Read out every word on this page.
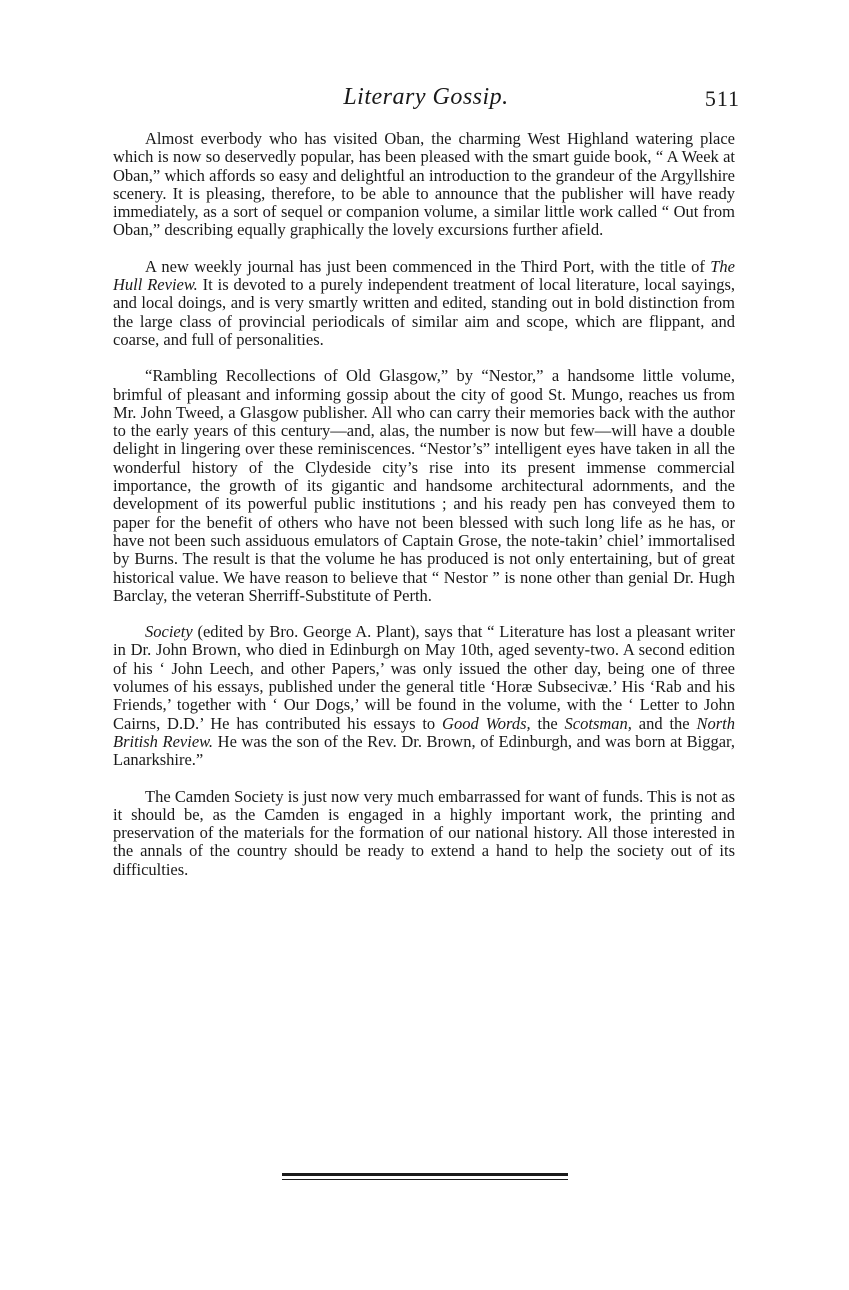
Literary Gossip.	511

Almost everbody who has visited Oban, the charming West Highland watering place which is now so deservedly popular, has been pleased with the smart guide book, “ A Week at Oban,” which affords so easy and delightful an introduction to the grandeur of the Argyllshire scenery. It is pleasing, therefore, to be able to announce that the publisher will have ready immediately, as a sort of sequel or companion volume, a similar little work called “ Out from Oban,” describing equally graphically the lovely excursions further afield.

A new weekly journal has just been commenced in the Third Port, with the title of The Hull Review. It is devoted to a purely independent treatment of local literature, local sayings, and local doings, and is very smartly written and edited, standing out in bold distinction from the large class of provincial periodicals of similar aim and scope, which are flippant, and coarse, and full of personalities.

“Rambling Recollections of Old Glasgow,” by “Nestor,” a handsome little volume, brimful of pleasant and informing gossip about the city of good St. Mungo, reaches us from Mr. John Tweed, a Glasgow publisher. All who can carry their memories back with the author to the early years of this century—and, alas, the number is now but few—will have a double delight in lingering over these reminiscences. “Nestor’s” intelligent eyes have taken in all the wonderful history of the Clydeside city’s rise into its present immense commercial importance, the growth of its gigantic and handsome architectural adornments, and the development of its powerful public institutions ; and his ready pen has conveyed them to paper for the benefit of others who have not been blessed with such long life as he has, or have not been such assiduous emulators of Captain Grose, the note-takin’ chiel’ immortalised by Burns. The result is that the volume he has produced is not only entertaining, but of great historical value. We have reason to believe that “ Nestor ” is none other than genial Dr. Hugh Barclay, the veteran Sherriff-Substitute of Perth.

Society (edited by Bro. George A. Plant), says that “ Literature has lost a pleasant writer in Dr. John Brown, who died in Edinburgh on May 10th, aged seventy-two. A second edition of his ‘ John Leech, and other Papers,’ was only issued the other day, being one of three volumes of his essays, published under the general title ‘Horæ Subsecivæ.’ His ‘Rab and his Friends,’ together with ‘ Our Dogs,’ will be found in the volume, with the ‘ Letter to John Cairns, D.D.’ He has contributed his essays to Good Words, the Scotsman, and the North British Review. He was the son of the Rev. Dr. Brown, of Edinburgh, and was born at Biggar, Lanarkshire.”

The Camden Society is just now very much embarrassed for want of funds. This is not as it should be, as the Camden is engaged in a highly important work, the printing and preservation of the materials for the formation of our national history. All those interested in the annals of the country should be ready to extend a hand to help the society out of its difficulties.
